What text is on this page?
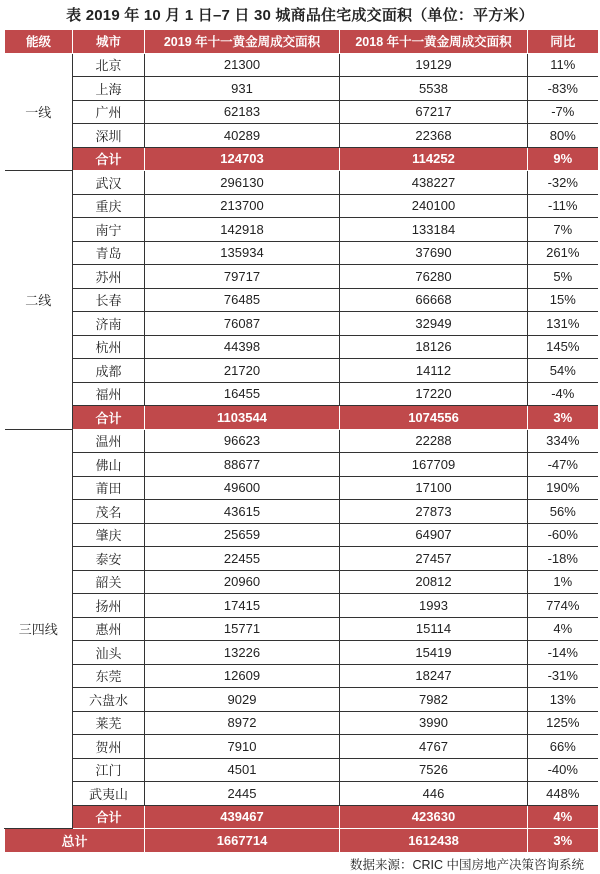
表 2019 年 10 月 1 日–7 日 30 城商品住宅成交面积（单位：平方米）
能级	城市	2019 年十一黄金周成交面积	2018 年十一黄金周成交面积	同比
一线	北京	21300	19129	11%
	上海	931	5538	-83%
	广州	62183	67217	-7%
	深圳	40289	22368	80%
	合计	124703	114252	9%
二线	武汉	296130	438227	-32%
	重庆	213700	240100	-11%
	南宁	142918	133184	7%
	青岛	135934	37690	261%
	苏州	79717	76280	5%
	长春	76485	66668	15%
	济南	76087	32949	131%
	杭州	44398	18126	145%
	成都	21720	14112	54%
	福州	16455	17220	-4%
	合计	1103544	1074556	3%
三四线	温州	96623	22288	334%
	佛山	88677	167709	-47%
	莆田	49600	17100	190%
	茂名	43615	27873	56%
	肇庆	25659	64907	-60%
	泰安	22455	27457	-18%
	韶关	20960	20812	1%
	扬州	17415	1993	774%
	惠州	15771	15114	4%
	汕头	13226	15419	-14%
	东莞	12609	18247	-31%
	六盘水	9029	7982	13%
	莱芜	8972	3990	125%
	贺州	7910	4767	66%
	江门	4501	7526	-40%
	武夷山	2445	446	448%
	合计	439467	423630	4%
总计		1667714	1612438	3%
数据来源：CRIC 中国房地产决策咨询系统
